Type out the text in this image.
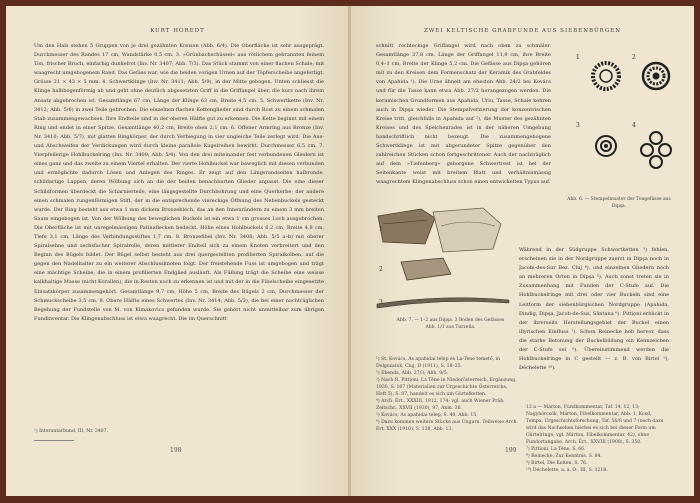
KURT HOREDT
Um den Hals stehen 5 Gruppen von je drei gezähnten Kreisen (Abb. 6/4). Die Oberfläche ist sehr ausgeprägt. Durchmesser des Randes 17 cm, Wandstärke 0,5 cm. 3. »Grünbachschüssel« aus rötlichem gebrannten feinem Ton, frischer Bruch, einfarbig dunkelrot (Inv. Nr. 3407; Abb. 7/3). Das Stück stammt von einer flachen Schale, mit waagrecht umgebogenem Rand. Das Gefäss war, wie die beiden vorigen Urnen auf der Töpferscheibe angefertigt. Grösse 21 × 43 × 5 mm. 4. Schwertklinge (Inv. Nr. 3411; Abb. 5/9), in der Mitte gebogen. Unten schliesst die Klinge halbbogenförmig ab und geht ohne deutlich abgesetzten Griff in die Griffangel über, die kurz nach ihrem Ansatz abgebrochen ist. Gesamtlänge 67 cm, Länge der Klinge 63 cm, Breite 4,5 cm. 5. Schwertkette (Inv. Nr. 3412; Abb. 5/6) in zwei Teile gebrochen. Die einzelnen flachen Kettenglieder sind durch Rost zu einem schmalen Stab zusammengewachsen. Ihre Endteile sind in der oberen Hälfte gut zu erkennen. Die Kette beginnt mit einem Ring und endet in einer Spitze. Gesamtlänge 40,2 cm, Breite oben 2,1 cm. 6. Offener Armring aus Bronze (Inv. Nr. 3410; Abb. 5/7), mit glatten Ringkörper, der durch Verbiegung in vier ungleiche Teile zerlegt wird. Die Aus- und Abschweifen der Verdickungen wird durch kleine parallele Kugelreihen bewirkt. Durchmesser 6,5 cm. 7. Vierpfeilerige Hohlbuckelring (Inv. Nr. 3409; Abb. 5/4). Von den drei miteinander fest verbundenen Gliedern ist eines ganz und das zweite zu einem Viertel erhalten. Der vierte Hohlbuckel war beweglich mit diesen verbunden und ermöglichte dadurch Lösen und Anlegen des Ringes. Er zeigt auf den Längsrandseiten halbrunde, schildartige Lappen, deren Wölbung sich an die der beiden benachbarten Glieder anpasst. Die eine dieser Schildformen überdeckt die Scharnierteile, eine längsgestellte Durchbohrung und eine Querkerbe; der andere einen schmalen rungenförmigen Stift, der in die entsprechende viereckige Öffnung des Nebenbuckels gesteckt wurde. Der Ring besteht aus etwa 1 mm dickem Bronzeblech, das an den Innenrändern zu einem 3 mm breiten Saum eingebogen ist. Von der Wölbung des beweglichen Buckels ist ein etwa 1 cm grosses Loch ausgebrochen. Die Oberfläche ist mit unregelmässigen Patinaflecken bedeckt. Höhe eines Hohlbuckels 6,2 cm, Breite 4,8 cm, Tiefe 3,1 cm. Länge des Verbindungsstiftes 1,7 cm. 8. Bronzefibel (Inv. Nr. 3408; Abb. 5/5 a–b) mit oberer Spiralsehne und sechsfacher Spiralrolle, deren mittlerer Endteil sich zu einem Knoten verbreitert und den Beginn des Bügels bildet. Der Bügel selbst besteht aus drei quergestellten profilierten Spiralkolben, auf die gegen den Nadelhalter zu ein weiterer Abschlussknoten folgt. Der freistehende Fuss ist umgebogen und trägt eine mächtige Scheibe, die in einem profilierten Endglied ausläuft. Als Füllung trägt die Scheibe eine weisse kalkhaltige Masse (nicht Korallen), die in Resten noch zu erkennen ist und mit der in die Fibelscheibe eingesetzte Einsatzkörper zusammengehört. Gesamtlänge 9,7 cm, Höhe 5 cm, Breite des Bügels 2 cm, Durchmesser der Schmuckscheibe 3,5 cm. 9. Obere Hälfte eines Schwertes (Inv. Nr. 3414; Abb. 5/3), die bei einer nachträglichen Begehung der Fundstelle von M. von Kimakovics gefunden wurde. Sie gehört nicht unmittelbar zum übrigen Fundinventar. Die Klingenabschluss ist etwa waagrecht. Die im Querschnitt
¹) Interantarbund, III, Nr. 3407.
198
ZWEI KELTISCHE GRABFUNDE AUS SIEBENBÜRGEN
schnitt rechteckige Griffangel wird nach oben zu schmäler. Gesamtlänge 27,8 cm, Länge der Griffangel 11,9 cm, ihre Breite 0,4–1 cm, Breite der Klinge 5,2 cm. Die Gefässe aus Dipşa gehören mit zu den Kreisen dem Formenschatz der Keramik des Grabfeldes von Apahida ¹). Die Urne ähnelt am ehesten Abb. 24/2 bei Kovács und für die Tasse kann etwa Abb. 27/2 herangezogen werden. Die keramischen Grundformen aus Apahida, Uriu, Tasse, Schale kehren auch in Dipşa wieder. Die Stempelverzierung der konzentrischen Kreise tritt, gleichfalls in Apahida auf ²), die Muster des gezähnten Kreises und des Speichenrades ist in der näheren Umgebung handschriftlich nicht bezeugt. Die zusammengebogene Schwertklinge ist mit abgerundeter Spitze gegenüber den zahlreichen Stücken schon fortgeschrittener. Auch der nachträglich auf dem »Tiefenberg« geborgene Schwertrest ist bei der Seitenkante weist mit breitem Blatt und verhältnismässig waagrechtem Klingenabschluss schon einen entwickelten Typus auf.
1	2
3	4
Abb. 6. — Stempelmuster der Tongefässe aus Dipşa.
1
2
3
Abb. 7. — 1–2 aus Dipşa. 3 Boden des Gefässes Abb. 1/1 aus Turzella.
Während in der Südgruppe Schwertketten ³) fehlen, erscheinen sie in der Nordgruppe zuerst in Dipşa noch in Jacobi-des-Sur Bez. Cluj ⁴), und einzelnen Gliedern noch an mehreren Orten in Dipşa ⁵). Auch sonst treten sie in Zusammenhang mit Funden der C-Stufe auf. Die Hohlbuckelringe mit drei oder vier Buckeln sind eine Leitform der siebenbürgischen Nordgruppe (Apahida, Dindig, Dipşa, Jacob-de-Sus, Sântana ⁶). Pittioni erblickt in der ihrerseits Herstellungsgebiet der Buckel einen illyrischen Einfluss ⁷). Schon Reinecke hob hervor, dass die starke Betonung der Buckelbildung ein Kennzeichen der C-Stufe sei ⁸). Übereinstimmend werden die Hohlbuckelringe in C gestellt — z. B. von Birtel ⁹), Déchelette ¹⁰).
¹) St. Kovács, As apahidai telep és La-Tène temető, in Dolgozatok, Cluj, II (1911), S. 18–35.
²) Ebenda, Abb. 27/3; Abb. 9/5.
³) Nach R. Pittioni, La Tène in Niederösterreich, Ergänzung, 1930, S. 167 (Materialien zur Urgeschichte Österreichs, Heft 5), S. 87, handelt es sich um Gürtelketten.
⁴) Arch. Ért., XXXIII, 1912, 174; vgl. auch Wiener Präh. Zeitschr., XXVII (1930), 97, Anm. 36.
⁵) Kovács, As apahidai telep, S. 40, Abb. 15.
⁶) Dazu kommen weitere Stücke aus Ungarn. Teilweise Arch. Ért. XXX (1910), S. 138, Abb. 13.
12 a — Marton, Fundkommentar, Taf. 14, 12, 13; Nagyhörcsök, Márton, Fibelkommentar, Abb. 1, Kosd, Tempa, Urgeschichtsforschung, Taf. 56/8 und 7 (noch dazu wird das Nachsehen hierbei es sich bei dieser Form um Gürtelringe; vgl. Márton, Fibelkommentar, 42), ohne Fundortangabe, Arch. Ért., XXVIII (1908), S. 350.
⁷) Pittioni, La Tène, S. 66.
⁸) Reinecke, Zur Kenntnis, S. 84.
⁹) Birtel, Die Kelten, S. 76.
¹⁰) Déchelette, a. a. O., III, S. 1218.
199
